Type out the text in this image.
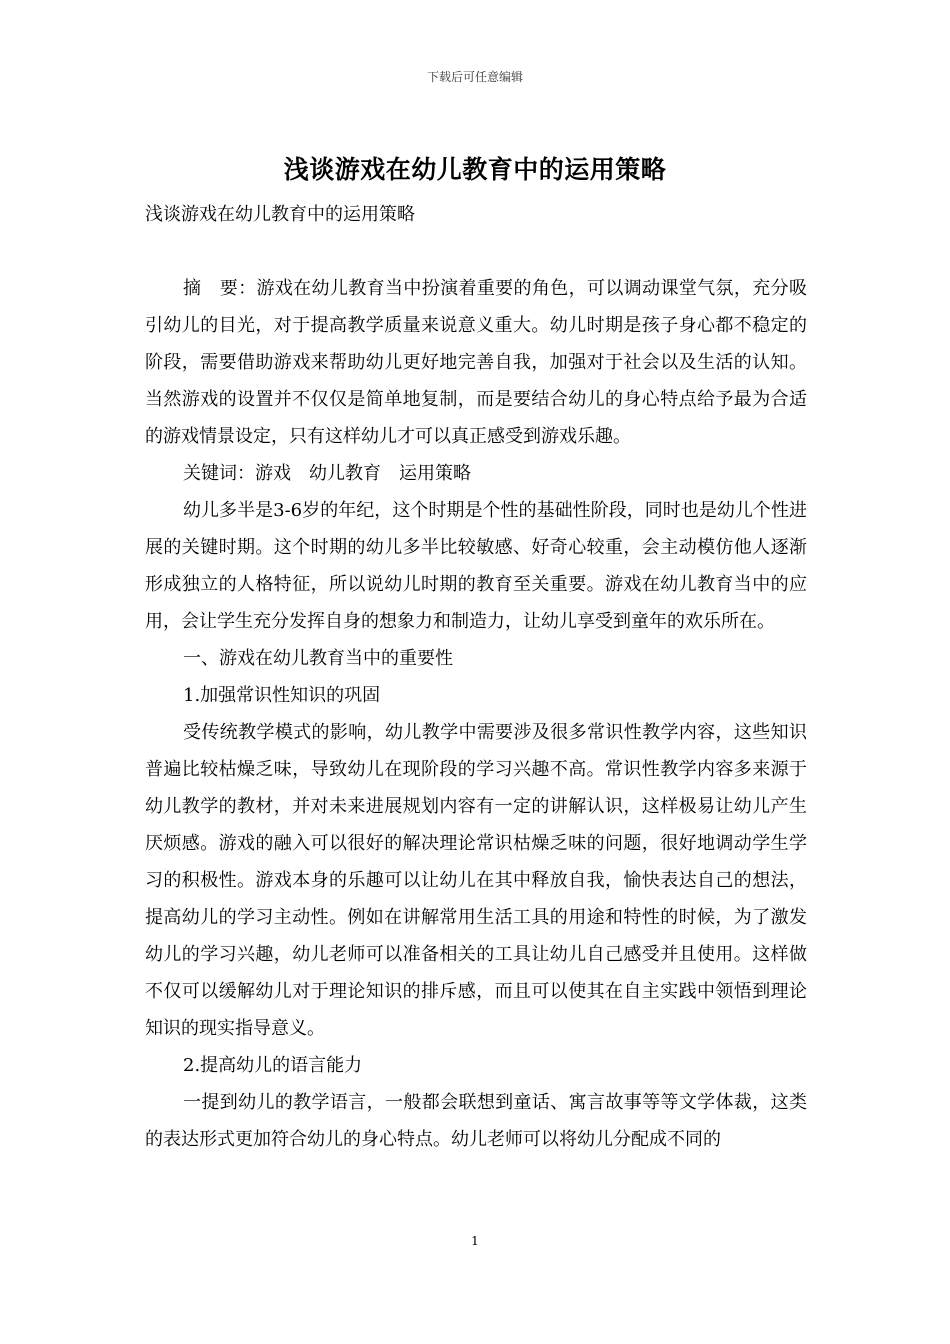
下载后可任意编辑
浅谈游戏在幼儿教育中的运用策略
浅谈游戏在幼儿教育中的运用策略

摘　要：游戏在幼儿教育当中扮演着重要的角色，可以调动课堂气氛，充分吸引幼儿的目光，对于提高教学质量来说意义重大。幼儿时期是孩子身心都不稳定的阶段，需要借助游戏来帮助幼儿更好地完善自我，加强对于社会以及生活的认知。当然游戏的设置并不仅仅是简单地复制，而是要结合幼儿的身心特点给予最为合适的游戏情景设定，只有这样幼儿才可以真正感受到游戏乐趣。

关键词：游戏　幼儿教育　运用策略

幼儿多半是3-6岁的年纪，这个时期是个性的基础性阶段，同时也是幼儿个性进展的关键时期。这个时期的幼儿多半比较敏感、好奇心较重，会主动模仿他人逐渐形成独立的人格特征，所以说幼儿时期的教育至关重要。游戏在幼儿教育当中的应用，会让学生充分发挥自身的想象力和制造力，让幼儿享受到童年的欢乐所在。

一、游戏在幼儿教育当中的重要性

1.加强常识性知识的巩固

受传统教学模式的影响，幼儿教学中需要涉及很多常识性教学内容，这些知识普遍比较枯燥乏味，导致幼儿在现阶段的学习兴趣不高。常识性教学内容多来源于幼儿教学的教材，并对未来进展规划内容有一定的讲解认识，这样极易让幼儿产生厌烦感。游戏的融入可以很好的解决理论常识枯燥乏味的问题，很好地调动学生学习的积极性。游戏本身的乐趣可以让幼儿在其中释放自我，愉快表达自己的想法，提高幼儿的学习主动性。例如在讲解常用生活工具的用途和特性的时候，为了激发幼儿的学习兴趣，幼儿老师可以准备相关的工具让幼儿自己感受并且使用。这样做不仅可以缓解幼儿对于理论知识的排斥感，而且可以使其在自主实践中领悟到理论知识的现实指导意义。

2.提高幼儿的语言能力

一提到幼儿的教学语言，一般都会联想到童话、寓言故事等等文学体裁，这类的表达形式更加符合幼儿的身心特点。幼儿老师可以将幼儿分配成不同的

1
